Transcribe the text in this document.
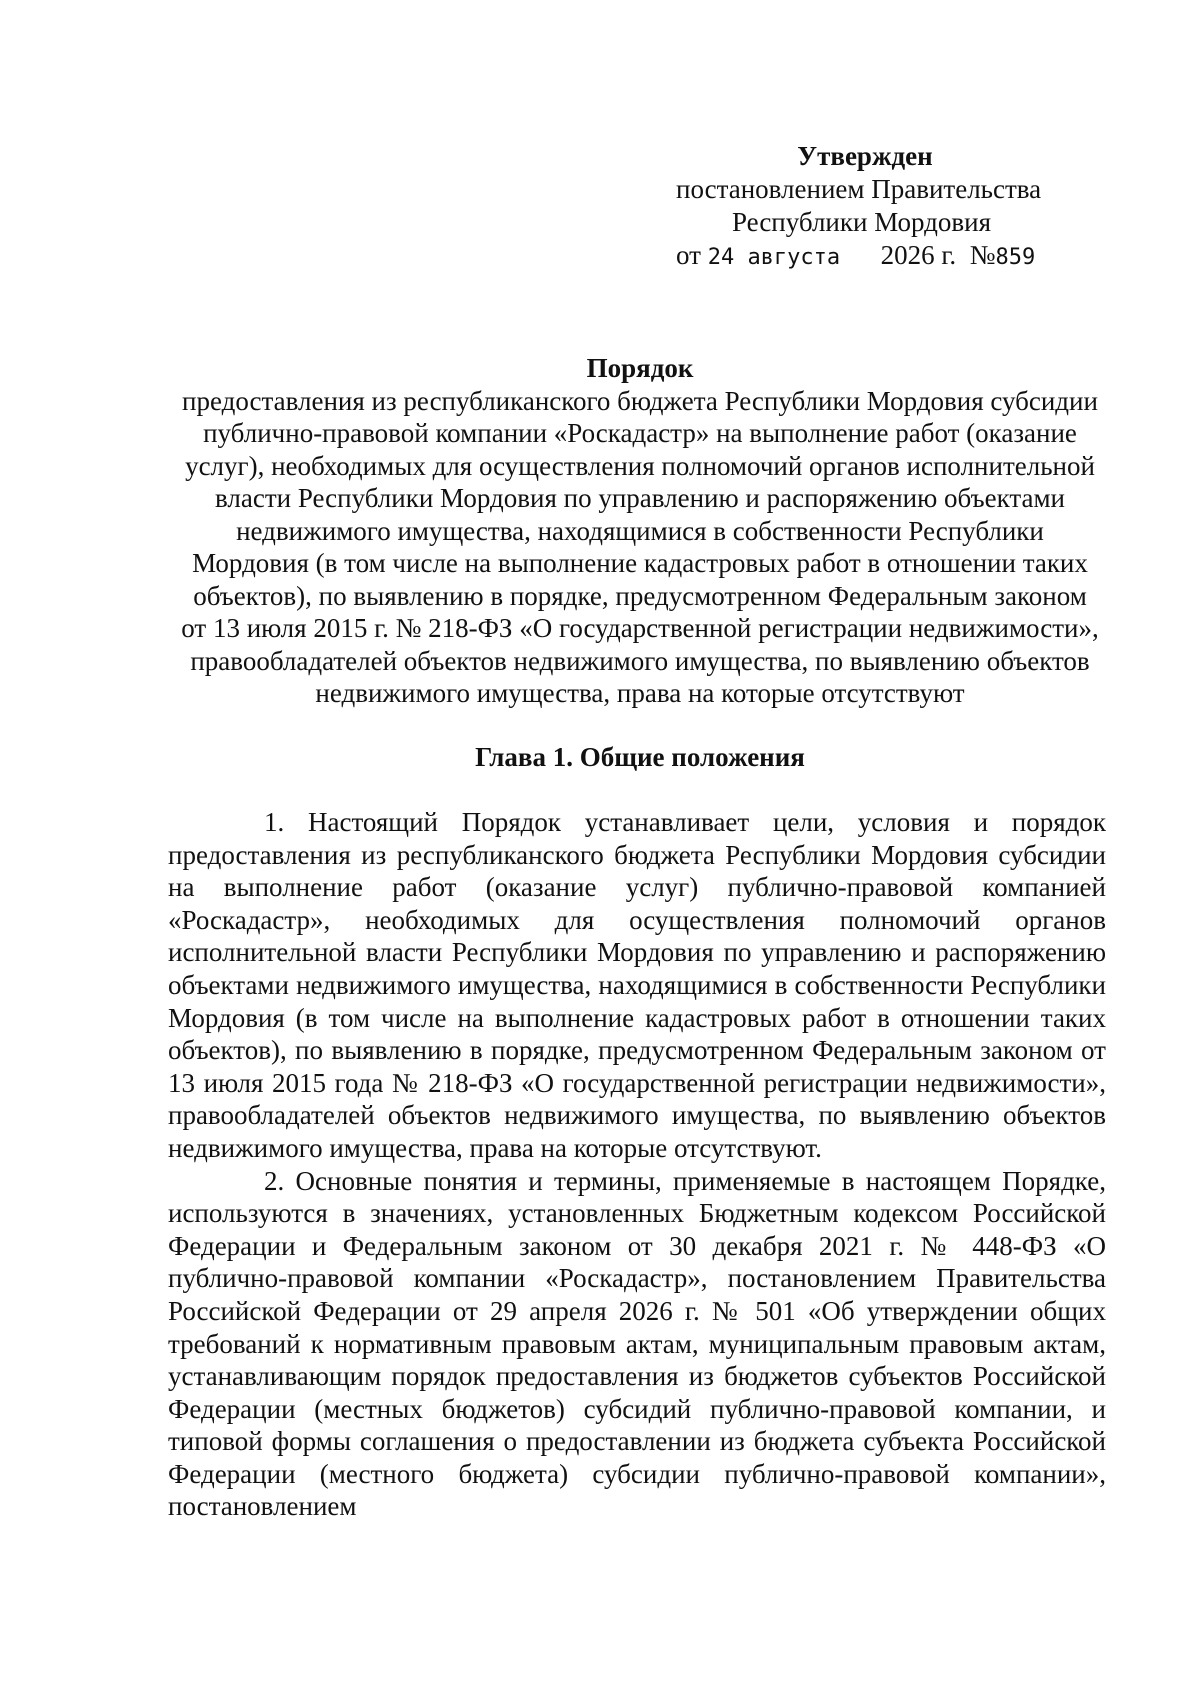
Утвержден
постановлением Правительства
Республики Мордовия
от 24 августа 2026 г. №859
Порядок
предоставления из республиканского бюджета Республики Мордовия субсидии
публично-правовой компании «Роскадастр» на выполнение работ (оказание
услуг), необходимых для осуществления полномочий органов исполнительной
власти Республики Мордовия по управлению и распоряжению объектами
недвижимого имущества, находящимися в собственности Республики
Мордовия (в том числе на выполнение кадастровых работ в отношении таких
объектов), по выявлению в порядке, предусмотренном Федеральным законом
от 13 июля 2015 г. № 218-ФЗ «О государственной регистрации недвижимости»,
правообладателей объектов недвижимого имущества, по выявлению объектов
недвижимого имущества, права на которые отсутствуют
Глава 1. Общие положения

1. Настоящий Порядок устанавливает цели, условия и порядок предоставления из республиканского бюджета Республики Мордовия субсидии на выполнение работ (оказание услуг) публично-правовой компанией «Роскадастр», необходимых для осуществления полномочий органов исполнительной власти Республики Мордовия по управлению и распоряжению объектами недвижимого имущества, находящимися в собственности Республики Мордовия (в том числе на выполнение кадастровых работ в отношении таких объектов), по выявлению в порядке, предусмотренном Федеральным законом от 13 июля 2015 года № 218-ФЗ «О государственной регистрации недвижимости», правообладателей объектов недвижимого имущества, по выявлению объектов недвижимого имущества, права на которые отсутствуют.

2. Основные понятия и термины, применяемые в настоящем Порядке, используются в значениях, установленных Бюджетным кодексом Российской Федерации и Федеральным законом от 30 декабря 2021 г. № 448-ФЗ «О публично-правовой компании «Роскадастр», постановлением Правительства Российской Федерации от 29 апреля 2026 г. № 501 «Об утверждении общих требований к нормативным правовым актам, муниципальным правовым актам, устанавливающим порядок предоставления из бюджетов субъектов Российской Федерации (местных бюджетов) субсидий публично-правовой компании, и типовой формы соглашения о предоставлении из бюджета субъекта Российской Федерации (местного бюджета) субсидии публично-правовой компании», постановлением
